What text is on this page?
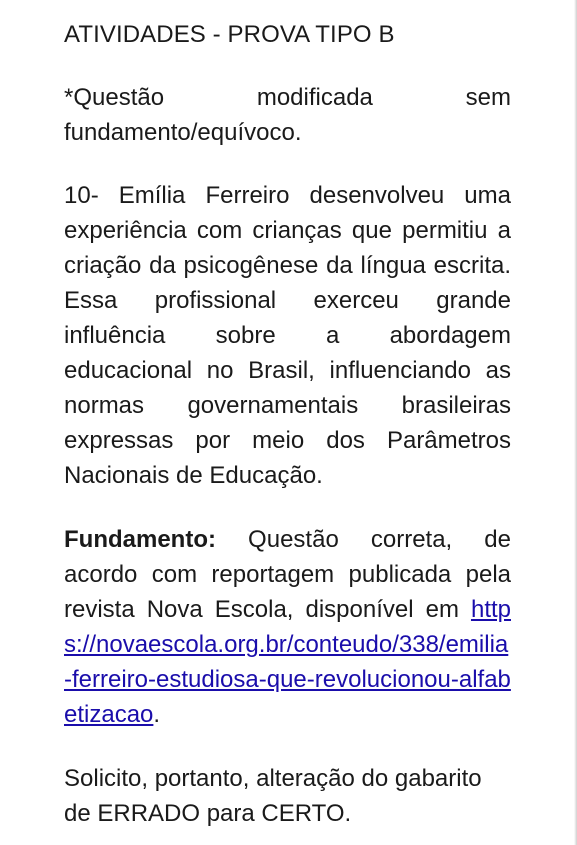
ATIVIDADES - PROVA TIPO B

*Questão modificada sem fundamento/equívoco.

10- Emília Ferreiro desenvolveu uma experiência com crianças que permitiu a criação da psicogênese da língua escrita. Essa profissional exerceu grande influência sobre a abordagem educacional no Brasil, influenciando as normas governamentais brasileiras expressas por meio dos Parâmetros Nacionais de Educação.

Fundamento: Questão correta, de acordo com reportagem publicada pela revista Nova Escola, disponível em https://novaescola.org.br/conteudo/338/emilia-ferreiro-estudiosa-que-revolucionou-alfabetizacao.

Solicito, portanto, alteração do gabarito de ERRADO para CERTO.
